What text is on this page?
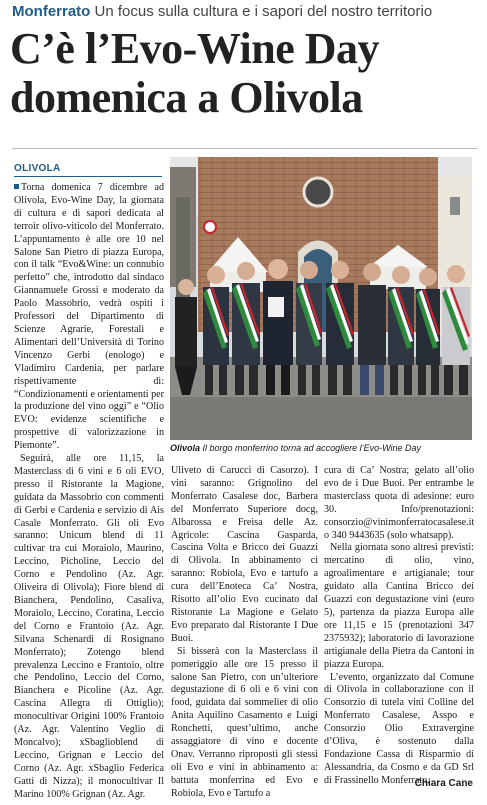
Monferrato Un focus sulla cultura e i sapori del nostro territorio
C’è l’Evo-Wine Day
domenica a Olivola
OLIVOLA

Torna domenica 7 dicembre ad Olivola, Evo-Wine Day, la giornata di cultura e di sapori dedicata al terroir olivo-viticolo del Monferrato. L’appuntamento è alle ore 10 nel Salone San Pietro di piazza Europa, con il talk “Evo&Wine: un connubio perfetto” che, introdotto dal sindaco Giannamuele Grossi e moderato da Paolo Massobrio, vedrà ospiti i Professori del Dipartimento di Scienze Agrarie, Forestali e Alimentari dell’Università di Torino Vincenzo Gerbi (enologo) e Vladimiro Cardenia, per parlare rispettivamente di: “Condizionamenti e orientamenti per la produzione del vino oggi” e “Olio EVO: evidenze scientifiche e prospettive di valorizzazione in Piemonte”.

Seguirà, alle ore 11,15, la Masterclass di 6 vini e 6 oli EVO, presso il Ristorante la Magione, guidata da Massobrio con commenti di Gerbi e Cardenia e servizio di Ais Casale Monferrato. Gli oli Evo saranno: Unicum blend di 11 cultivar tra cui Moraiolo, Maurino, Leccino, Picholine, Leccio del Corno e Pendolino (Az. Agr. Oliveira di Olivola); Fiore blend di Bianchera, Pendolino, Casaliva, Moraiolo, Leccino, Coratina, Leccio del Corno e Frantoio (Az. Agr. Silvana Schenardi di Rosignano Monferrato); Zotengo blend prevalenza Leccino e Frantoio, oltre che Pendolino, Leccio del Corno, Bianchera e Picoline (Az. Agr. Cascina Allegra di Ottiglio); monocultivar Origini 100% Frantoio (Az. Agr. Valentino Veglio di Moncalvo); xSbaglioblend di Leccino, Grignan e Leccio del Corno (Az. Agr. xSbaglio Federica Gatti di Nizza); il monocultivar Il Marino 100% Grignan (Az. Agr.

Olivola Il borgo monferrino torna ad accogliere l’Evo-Wine Day

Uliveto di Carucci di Casorzo). I vini saranno: Grignolino del Monferrato Casalese doc, Barbera del Monferrato Superiore docg, Albarossa e Freisa delle Az. Agricole: Cascina Gasparda, Cascina Volta e Bricco dei Guazzi di Olivola. In abbinamento ci saranno: Robiola, Evo e tartufo a cura dell’Enoteca Ca’ Nostra, Risotto all’olio Evo cucinato dal Ristorante La Magione e Gelato Evo preparato dal Ristorante I Due Buoi.

Si bisserà con la Masterclass il pomeriggio alle ore 15 presso il salone San Pietro, con un’ulteriore degustazione di 6 oli e 6 vini con food, guidata dai sommelier di olio Anita Aquilino Casamento e Luigi Ronchetti, quest’ultimo, anche assaggiatore di vino e docente Onav. Verranno riproposti gli stessi oli Evo e vini in abbinamento a: battuta monferrina ed Evo e Robiola, Evo e Tartufo a

cura di Ca’ Nostra; gelato all’olio evo de i Due Buoi. Per entrambe le masterclass quota di adesione: euro 30. Info/prenotazioni: consorzio@vinimonferratocasalese.it o 340 9443635 (solo whatsapp).

Nella giornata sono altresì previsti: mercatino di olio, vino, agroalimentare e artigianale; tour guidato alla Cantina Bricco dei Guazzi con degustazione vini (euro 5), partenza da piazza Europa alle ore 11,15 e 15 (prenotazioni 347 2375932); laboratorio di lavorazione artigianale della Pietra da Cantoni in piazza Europa.

L’evento, organizzato dal Comune di Olivola in collaborazione con il Consorzio di tutela vini Colline del Monferrato Casalese, Asspo e Consorzio Olio Extravergine d’Oliva, è sostenuto dalla Fondazione Cassa di Risparmio di Alessandria, da Cosmo e da GD Srl di Frassinello Monferrato.

Chiara Cane
